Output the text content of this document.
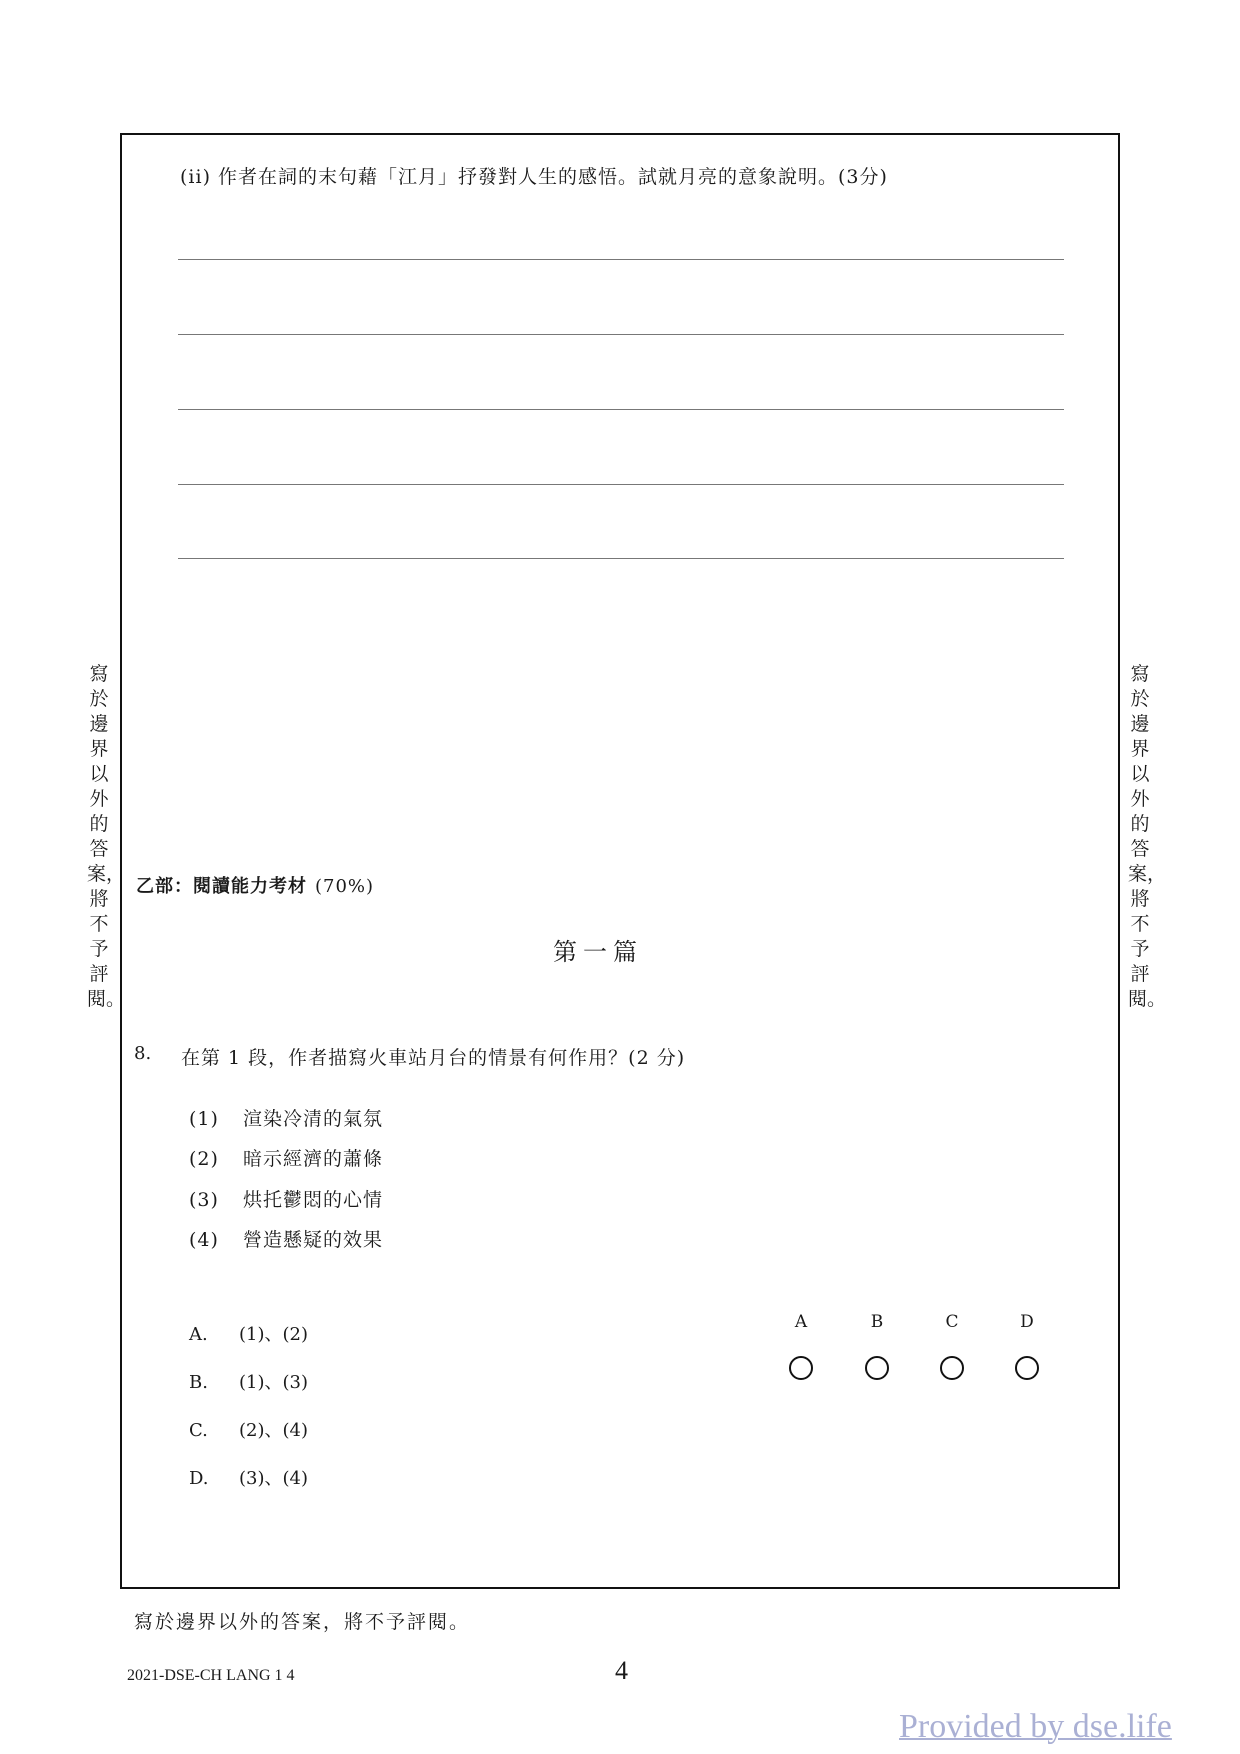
(ii) 作者在詞的末句藉「江月」抒發對人生的感悟。試就月亮的意象說明。(3分)
寫於邊界以外的答案，將不予評閱。
寫於邊界以外的答案，將不予評閱。
乙部：閱讀能力考材 (70%)
第一篇
8. 在第 1 段，作者描寫火車站月台的情景有何作用？(2 分)
(1) 渲染冷清的氣氛
(2) 暗示經濟的蕭條
(3) 烘托鬱悶的心情
(4) 營造懸疑的效果
A. (1)、(2)
B. (1)、(3)
C. (2)、(4)
D. (3)、(4)
A	B	C	D
寫於邊界以外的答案，將不予評閱。
2021-DSE-CH LANG 1 4	4
Provided by dse.life
